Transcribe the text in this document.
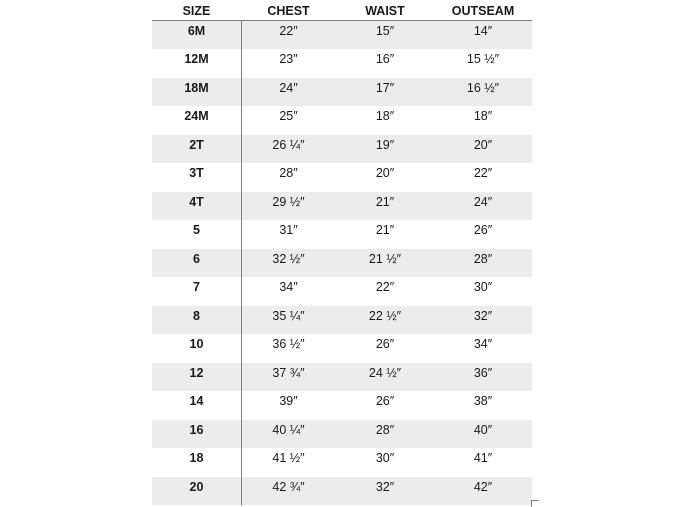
SIZE	CHEST	WAIST	OUTSEAM
6M	22″	15″	14″
12M	23″	16″	15 ½″
18M	24″	17″	16 ½″
24M	25″	18″	18″
2T	26 ¼″	19″	20″
3T	28″	20″	22″
4T	29 ½″	21″	24″
5	31″	21″	26″
6	32 ½″	21 ½″	28″
7	34″	22″	30″
8	35 ¼″	22 ½″	32″
10	36 ½″	26″	34″
12	37 ¾″	24 ½″	36″
14	39″	26″	38″
16	40 ¼″	28″	40″
18	41 ½″	30″	41″
20	42 ¾″	32″	42″
